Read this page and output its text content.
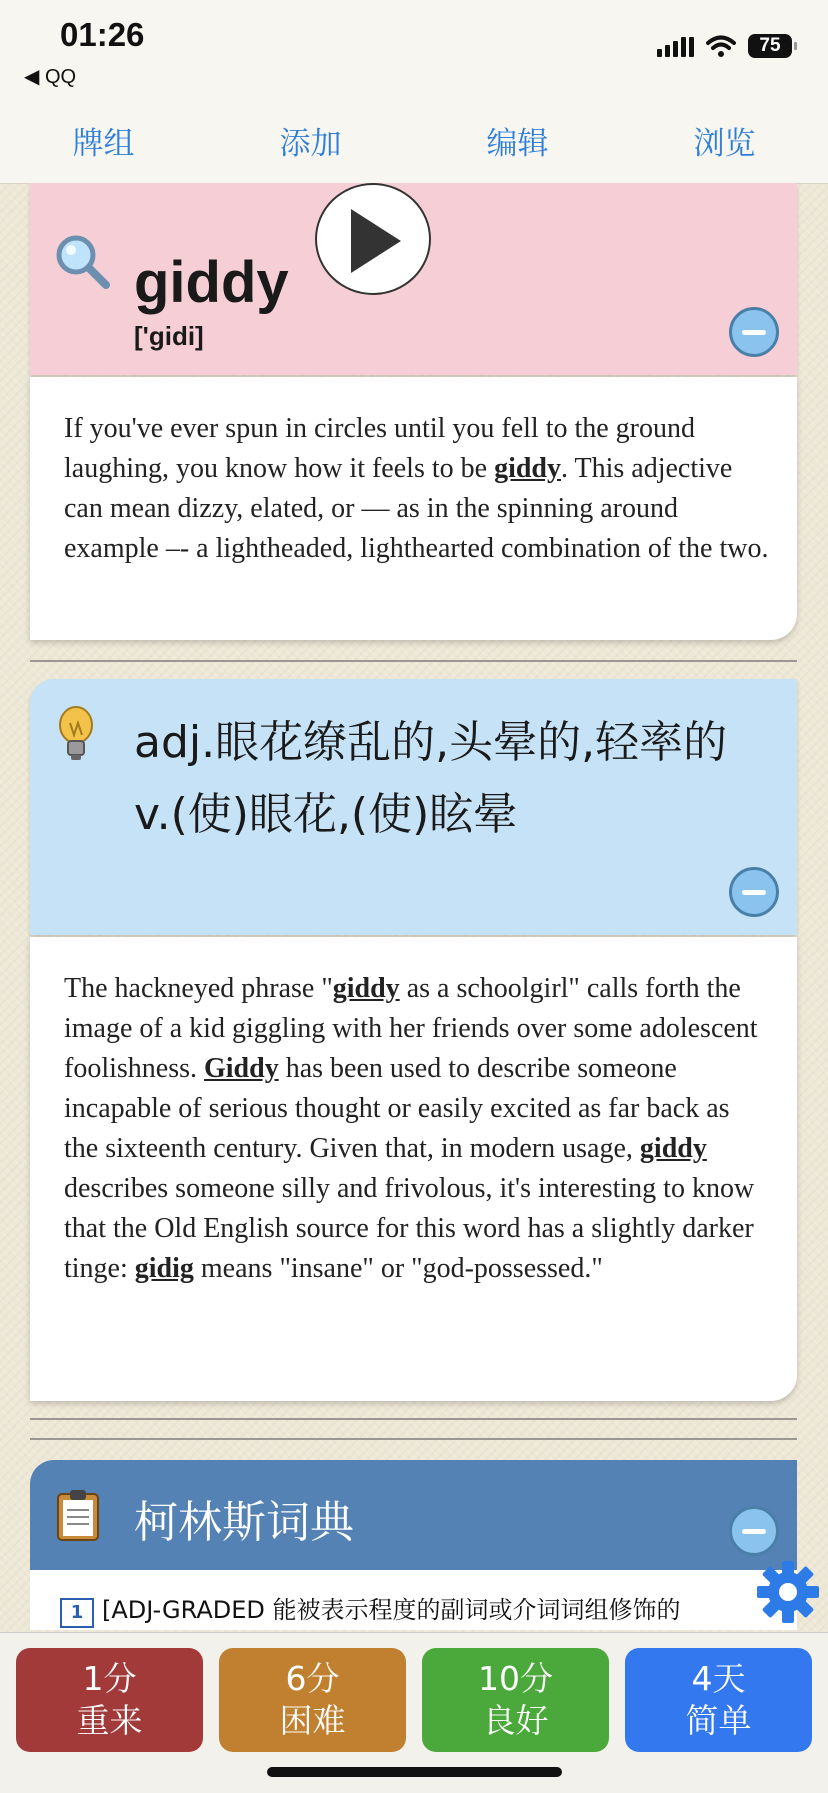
01:26
◀ QQ
75
牌组	添加	编辑	浏览
giddy
['gidi]
If you've ever spun in circles until you fell to the ground laughing, you know how it feels to be giddy. This adjective can mean dizzy, elated, or — as in the spinning around example –- a lightheaded, lighthearted combination of the two.
adj.眼花缭乱的,头晕的,轻率的
v.(使)眼花,(使)眩晕
The hackneyed phrase "giddy as a schoolgirl" calls forth the image of a kid giggling with her friends over some adolescent foolishness. Giddy has been used to describe someone incapable of serious thought or easily excited as far back as the sixteenth century. Given that, in modern usage, giddy describes someone silly and frivolous, it's interesting to know that the Old English source for this word has a slightly darker tinge: gidig means "insane" or "god-possessed."
柯林斯词典
1 [ADJ-GRADED 能被表示程度的副词或介词词组修饰的
1分
重来
6分
困难
10分
良好
4天
简单
